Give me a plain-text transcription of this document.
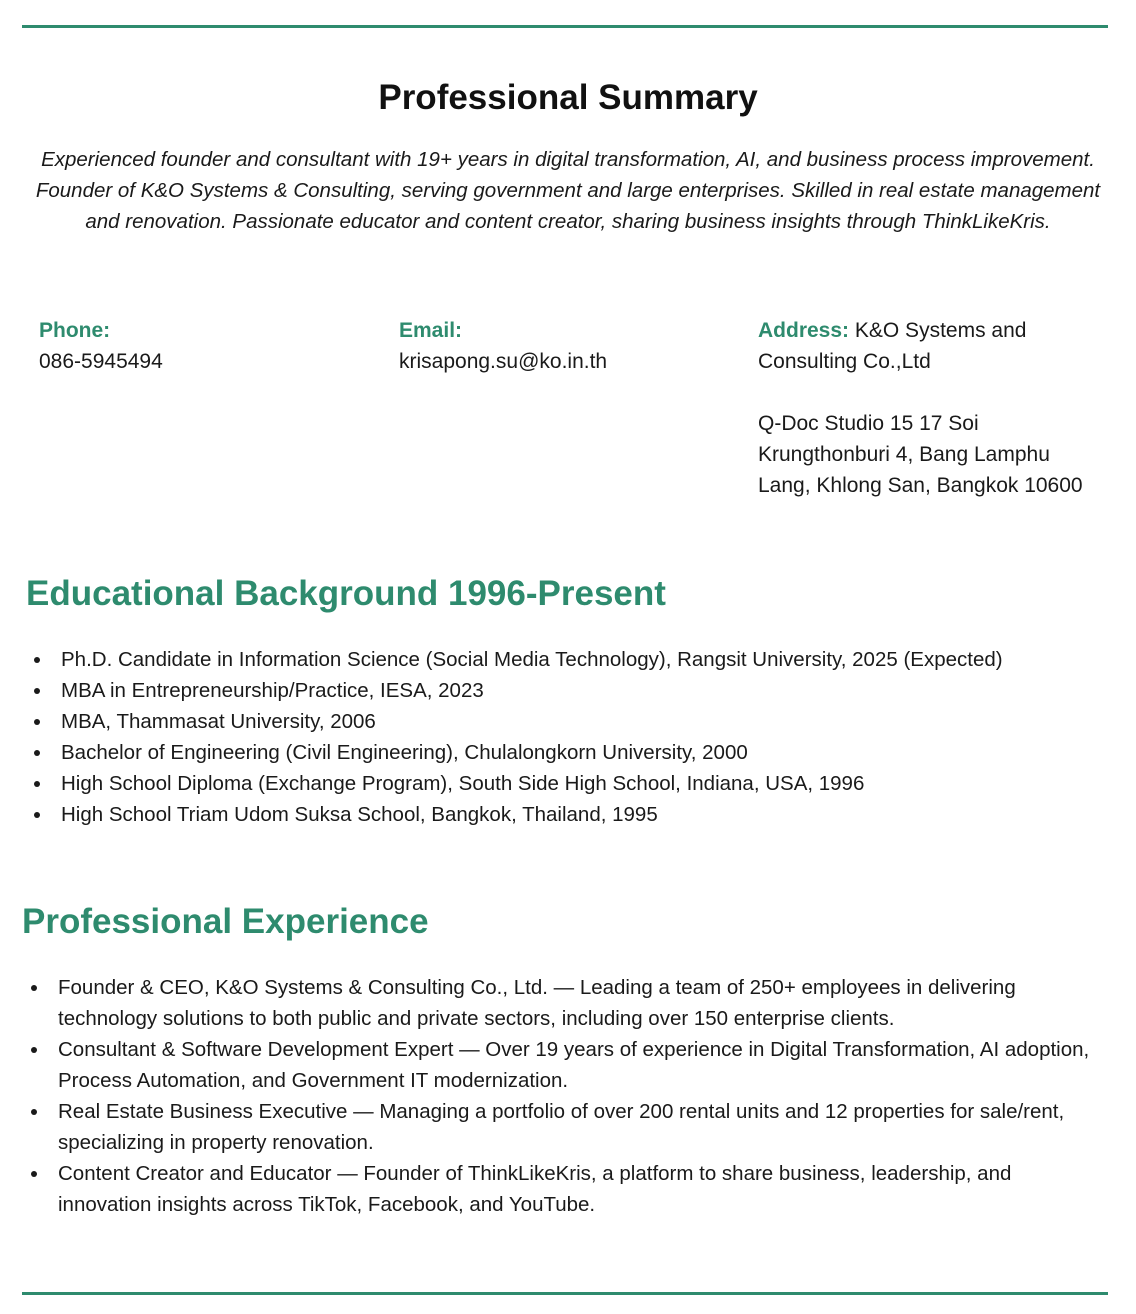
Professional Summary

Experienced founder and consultant with 19+ years in digital transformation, AI, and business process improvement. Founder of K&O Systems & Consulting, serving government and large enterprises. Skilled in real estate management and renovation. Passionate educator and content creator, sharing business insights through ThinkLikeKris.

Phone:
086-5945494
Email:
krisapong.su@ko.in.th
Address: K&O Systems and Consulting Co.,Ltd
Q-Doc Studio 15 17 Soi Krungthonburi 4, Bang Lamphu Lang, Khlong San, Bangkok 10600
Educational Background 1996-Present
Ph.D. Candidate in Information Science (Social Media Technology), Rangsit University, 2025 (Expected)
MBA in Entrepreneurship/Practice, IESA, 2023
MBA, Thammasat University, 2006
Bachelor of Engineering (Civil Engineering), Chulalongkorn University, 2000
High School Diploma (Exchange Program), South Side High School, Indiana, USA, 1996
High School Triam Udom Suksa School, Bangkok, Thailand, 1995
Professional Experience
Founder & CEO, K&O Systems & Consulting Co., Ltd. — Leading a team of 250+ employees in delivering technology solutions to both public and private sectors, including over 150 enterprise clients.
Consultant & Software Development Expert — Over 19 years of experience in Digital Transformation, AI adoption, Process Automation, and Government IT modernization.
Real Estate Business Executive — Managing a portfolio of over 200 rental units and 12 properties for sale/rent, specializing in property renovation.
Content Creator and Educator — Founder of ThinkLikeKris, a platform to share business, leadership, and innovation insights across TikTok, Facebook, and YouTube.
